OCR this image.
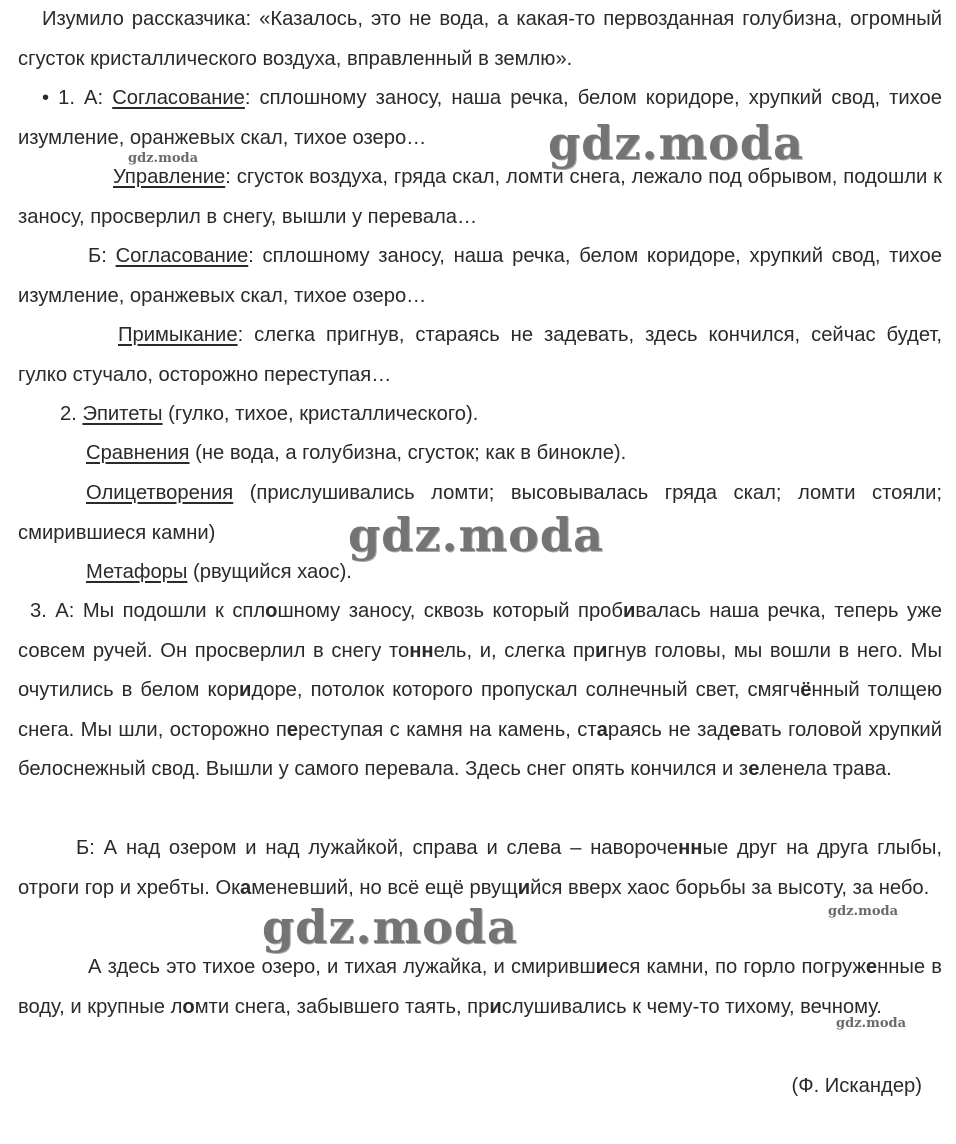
Изумило рассказчика: «Казалось, это не вода, а какая-то первозданная голубизна, огромный сгусток кристаллического воздуха, вправленный в землю».

• 1. А: Согласование: сплошному заносу, наша речка, белом коридоре, хрупкий свод, тихое изумление, оранжевых скал, тихое озеро…

Управление: сгусток воздуха, гряда скал, ломти снега, лежало под обрывом, подошли к заносу, просверлил в снегу, вышли у перевала…

Б: Согласование: сплошному заносу, наша речка, белом коридоре, хрупкий свод, тихое изумление, оранжевых скал, тихое озеро…

Примыкание: слегка пригнув, стараясь не задевать, здесь кончился, сейчас будет, гулко стучало, осторожно переступая…

2. Эпитеты (гулко, тихое, кристаллического).

Сравнения (не вода, а голубизна, сгусток; как в бинокле).

Олицетворения (прислушивались ломти; высовывалась гряда скал; ломти стояли; смирившиеся камни)

Метафоры (рвущийся хаос).

3. А: Мы подошли к сплошному заносу, сквозь который пробивалась наша речка, теперь уже совсем ручей. Он просверлил в снегу тоннель, и, слегка пригнув головы, мы вошли в него. Мы очутились в белом коридоре, потолок которого пропускал солнечный свет, смягчённый толщею снега. Мы шли, осторожно переступая с камня на камень, стараясь не задевать головой хрупкий белоснежный свод. Вышли у самого перевала. Здесь снег опять кончился и зеленела трава.

Б: А над озером и над лужайкой, справа и слева – навороченные друг на друга глыбы, отроги гор и хребты. Окаменевший, но всё ещё рвущийся вверх хаос борьбы за высоту, за небо.

А здесь это тихое озеро, и тихая лужайка, и смирившиеся камни, по горло погруженные в воду, и крупные ломти снега, забывшего таять, прислушивались к чему-то тихому, вечному.

(Ф. Искандер)
gdz.moda
gdz.moda
gdz.moda
gdz.moda
gdz.moda
gdz.moda
